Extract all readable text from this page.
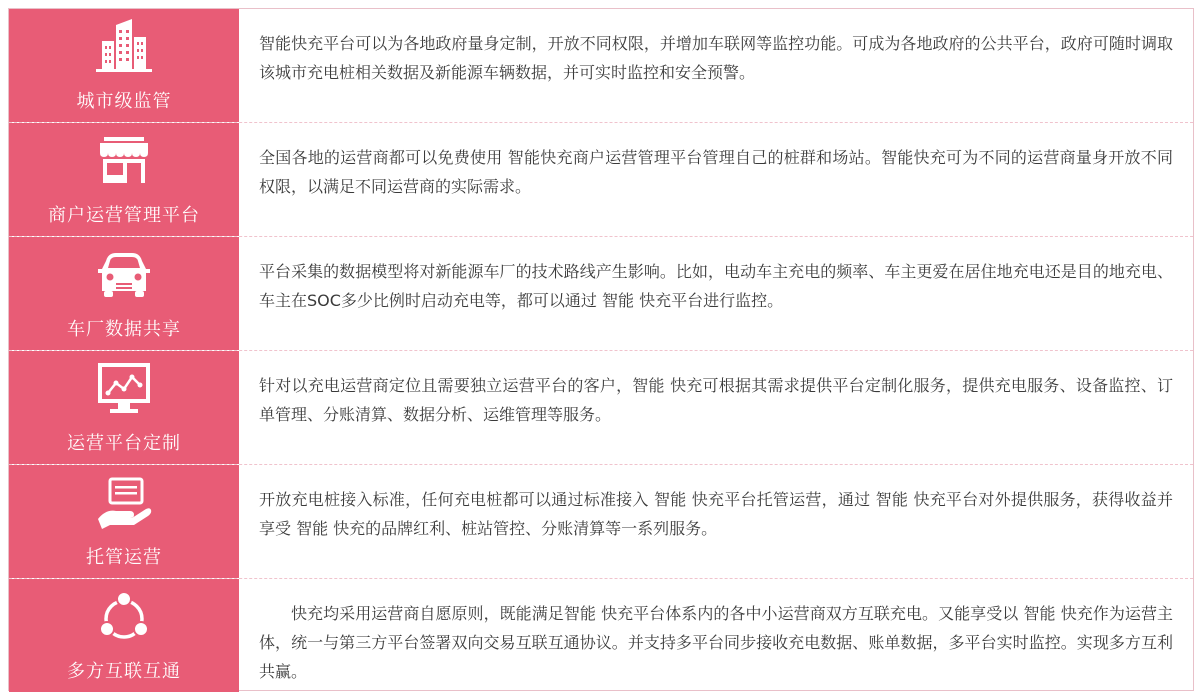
城市级监管

智能快充平台可以为各地政府量身定制，开放不同权限，并增加车联网等监控功能。可成为各地政府的公共平台，政府可随时调取该城市充电桩相关数据及新能源车辆数据，并可实时监控和安全预警。

商户运营管理平台

全国各地的运营商都可以免费使用 智能快充商户运营管理平台管理自己的桩群和场站。智能快充可为不同的运营商量身开放不同权限，以满足不同运营商的实际需求。

车厂数据共享

平台采集的数据模型将对新能源车厂的技术路线产生影响。比如，电动车主充电的频率、车主更爱在居住地充电还是目的地充电、车主在SOC多少比例时启动充电等，都可以通过 智能 快充平台进行监控。

运营平台定制

针对以充电运营商定位且需要独立运营平台的客户，智能 快充可根据其需求提供平台定制化服务，提供充电服务、设备监控、订单管理、分账清算、数据分析、运维管理等服务。

托管运营

开放充电桩接入标准，任何充电桩都可以通过标准接入 智能 快充平台托管运营，通过 智能 快充平台对外提供服务，获得收益并享受 智能 快充的品牌红利、桩站管控、分账清算等一系列服务。

多方互联互通

快充均采用运营商自愿原则，既能满足智能 快充平台体系内的各中小运营商双方互联充电。又能享受以 智能 快充作为运营主体，统一与第三方平台签署双向交易互联互通协议。并支持多平台同步接收充电数据、账单数据，多平台实时监控。实现多方互利共赢。
